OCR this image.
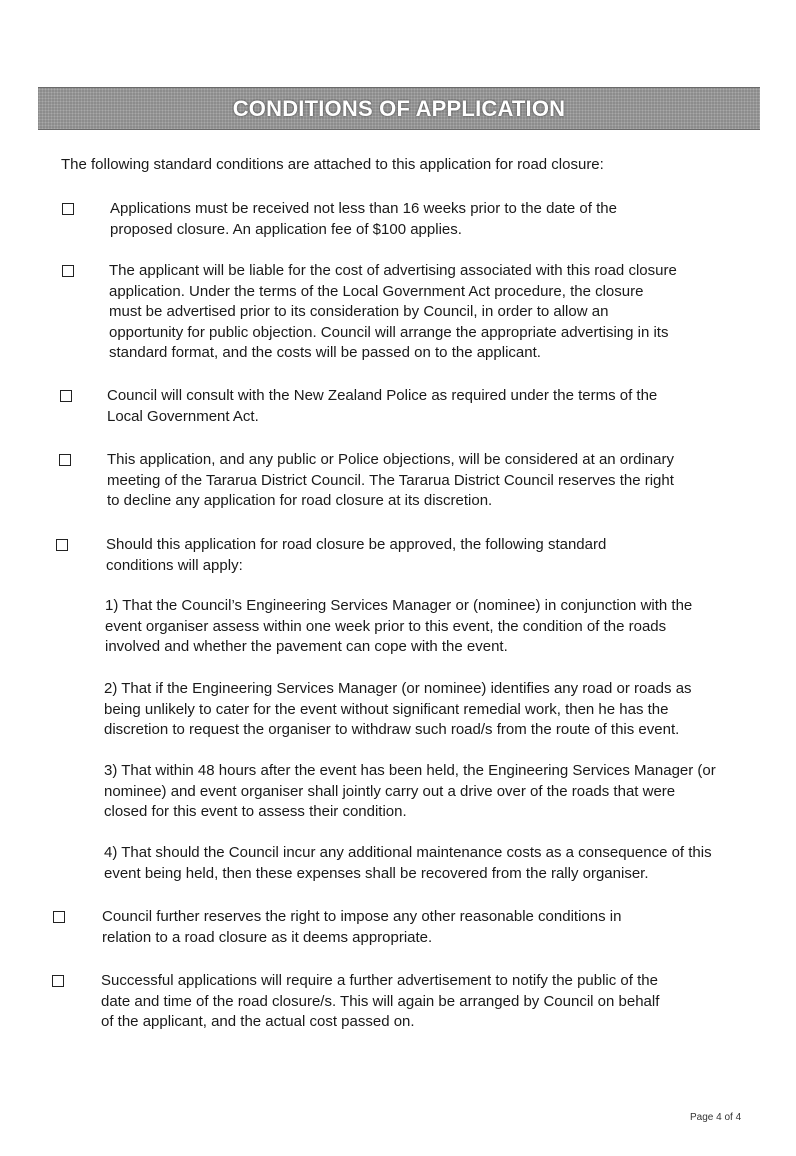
CONDITIONS OF APPLICATION

The following standard conditions are attached to this application for road closure:

Applications must be received not less than 16 weeks prior to the date of the
proposed closure. An application fee of $100 applies.

The applicant will be liable for the cost of advertising associated with this road closure
application. Under the terms of the Local Government Act procedure, the closure
must be advertised prior to its consideration by Council, in order to allow an
opportunity for public objection. Council will arrange the appropriate advertising in its
standard format, and the costs will be passed on to the applicant.

Council will consult with the New Zealand Police as required under the terms of the
Local Government Act.

This application, and any public or Police objections, will be considered at an ordinary
meeting of the Tararua District Council. The Tararua District Council reserves the right
to decline any application for road closure at its discretion.

Should this application for road closure be approved, the following standard
conditions will apply:

1) That the Council’s Engineering Services Manager or (nominee) in conjunction with the
event organiser assess within one week prior to this event, the condition of the roads
involved and whether the pavement can cope with the event.

2) That if the Engineering Services Manager (or nominee) identifies any road or roads as
being unlikely to cater for the event without significant remedial work, then he has the
discretion to request the organiser to withdraw such road/s from the route of this event.

3) That within 48 hours after the event has been held, the Engineering Services Manager (or
nominee) and event organiser shall jointly carry out a drive over of the roads that were
closed for this event to assess their condition.

4) That should the Council incur any additional maintenance costs as a consequence of this
event being held, then these expenses shall be recovered from the rally organiser.

Council further reserves the right to impose any other reasonable conditions in
relation to a road closure as it deems appropriate.

Successful applications will require a further advertisement to notify the public of the
date and time of the road closure/s. This will again be arranged by Council on behalf
of the applicant, and the actual cost passed on.

Page 4 of 4
